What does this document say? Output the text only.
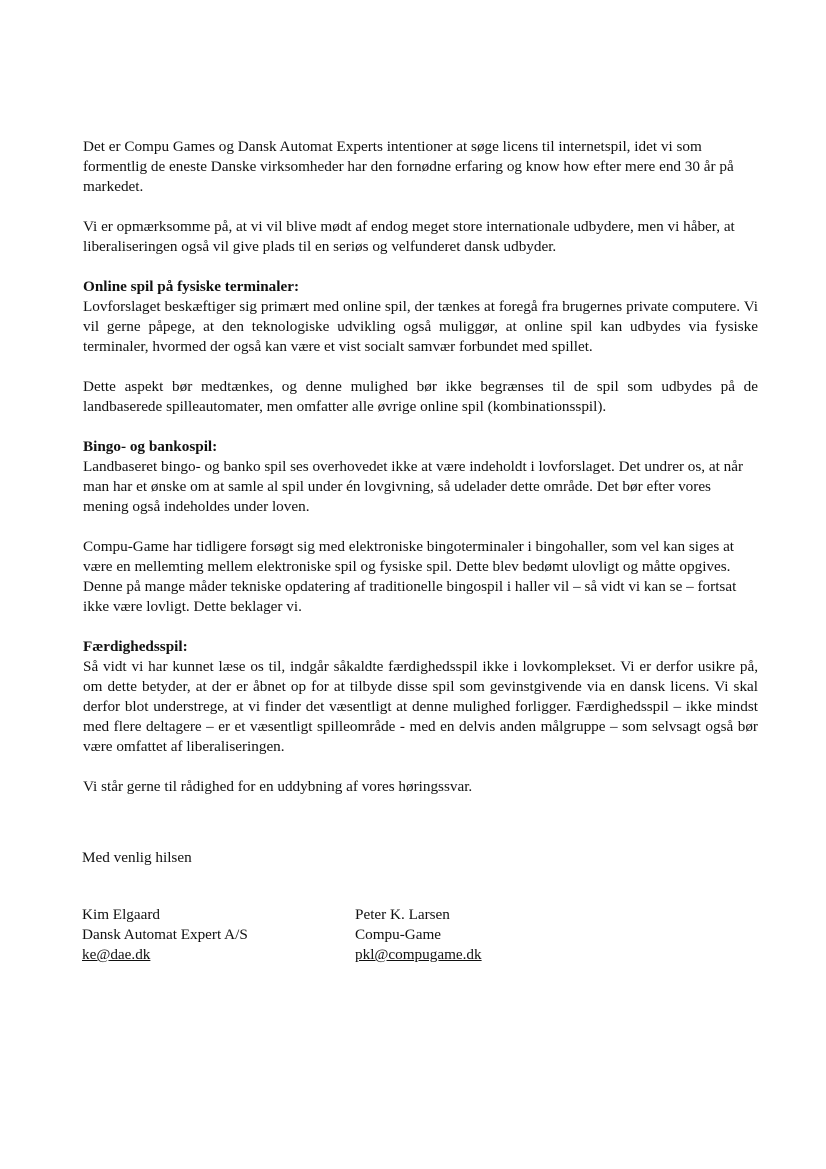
Det er Compu Games og Dansk Automat Experts intentioner at søge licens til internetspil, idet vi som formentlig de eneste Danske virksomheder har den fornødne erfaring og know how efter mere end 30 år på markedet.

Vi er opmærksomme på, at vi vil blive mødt af endog meget store internationale udbydere, men vi håber, at liberaliseringen også vil give plads til en seriøs og velfunderet dansk udbyder.

Online spil på fysiske terminaler:
Lovforslaget beskæftiger sig primært med online spil, der tænkes at foregå fra brugernes private computere. Vi vil gerne påpege, at den teknologiske udvikling også muliggør, at online spil kan udbydes via fysiske terminaler, hvormed der også kan være et vist socialt samvær forbundet med spillet.

Dette aspekt bør medtænkes, og denne mulighed bør ikke begrænses til de spil som udbydes på de landbaserede spilleautomater, men omfatter alle øvrige online spil (kombinationsspil).

Bingo- og bankospil:
Landbaseret bingo- og banko spil ses overhovedet ikke at være indeholdt i lovforslaget. Det undrer os, at når man har et ønske om at samle al spil under én lovgivning, så udelader dette område. Det bør efter vores mening også indeholdes under loven.

Compu-Game har tidligere forsøgt sig med elektroniske bingoterminaler i bingohaller, som vel kan siges at være en mellemting mellem elektroniske spil og fysiske spil. Dette blev bedømt ulovligt og måtte opgives. Denne på mange måder tekniske opdatering af traditionelle bingospil i haller vil – så vidt vi kan se – fortsat ikke være lovligt. Dette beklager vi.

Færdighedsspil:
Så vidt vi har kunnet læse os til, indgår såkaldte færdighedsspil ikke i lovkomplekset. Vi er derfor usikre på, om dette betyder, at der er åbnet op for at tilbyde disse spil som gevinstgivende via en dansk licens. Vi skal derfor blot understrege, at vi finder det væsentligt at denne mulighed forligger. Færdighedsspil – ikke mindst med flere deltagere – er et væsentligt spilleområde - med en delvis anden målgruppe – som selvsagt også bør være omfattet af liberaliseringen.

Vi står gerne til rådighed for en uddybning af vores høringssvar.

Med venlig hilsen
Kim Elgaard
Dansk Automat Expert A/S
ke@dae.dk
Peter K. Larsen
Compu-Game
pkl@compugame.dk
